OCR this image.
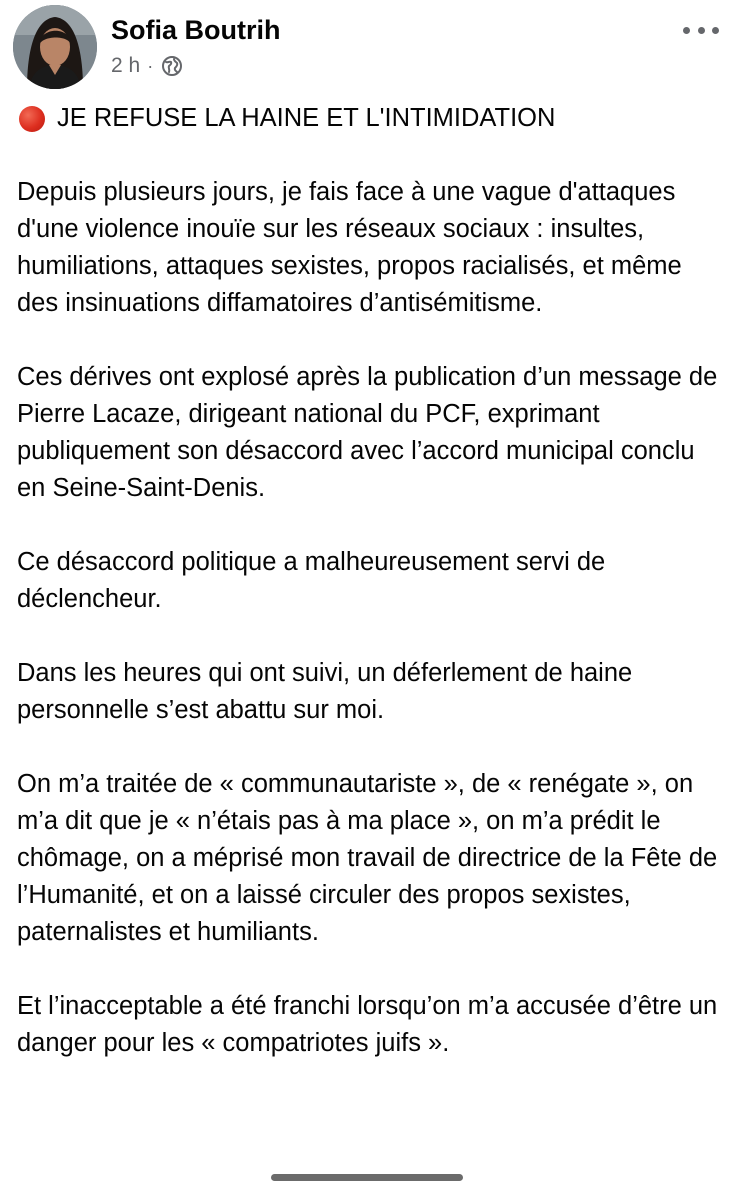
Sofia Boutrih
2 h ·

JE REFUSE LA HAINE ET L'INTIMIDATION

Depuis plusieurs jours, je fais face à une vague d'attaques d'une violence inouïe sur les réseaux sociaux : insultes, humiliations, attaques sexistes, propos racialisés, et même des insinuations diffamatoires d’antisémitisme.

Ces dérives ont explosé après la publication d’un message de Pierre Lacaze, dirigeant national du PCF, exprimant publiquement son désaccord avec l’accord municipal conclu en Seine-Saint-Denis.

Ce désaccord politique a malheureusement servi de déclencheur.

Dans les heures qui ont suivi, un déferlement de haine personnelle s’est abattu sur moi.

On m’a traitée de « communautariste », de « renégate », on m’a dit que je « n’étais pas à ma place », on m’a prédit le chômage, on a méprisé mon travail de directrice de la Fête de l’Humanité, et on a laissé circuler des propos sexistes, paternalistes et humiliants.

Et l’inacceptable a été franchi lorsqu’on m’a accusée d’être un danger pour les « compatriotes juifs ».
